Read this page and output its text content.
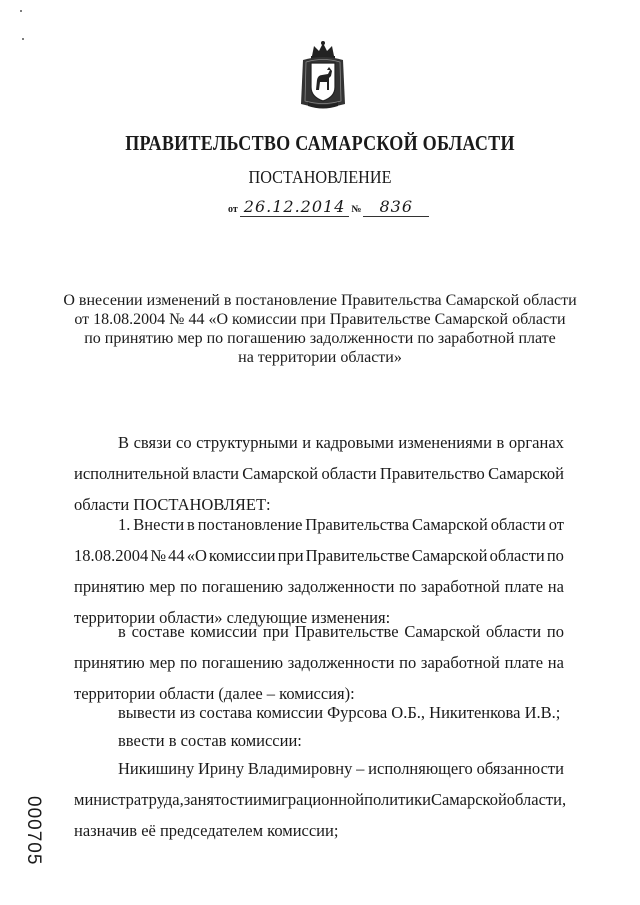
ПРАВИТЕЛЬСТВО САМАРСКОЙ ОБЛАСТИ
ПОСТАНОВЛЕНИЕ
от 26.12.2014 № 836
О внесении изменений в постановление Правительства Самарской области
от 18.08.2004 № 44 «О комиссии при Правительстве Самарской области
по принятию мер по погашению задолженности по заработной плате
на территории области»
В связи со структурными и кадровыми изменениями в органах
исполнительной власти Самарской области Правительство Самарской
области ПОСТАНОВЛЯЕТ:
1. Внести в постановление Правительства Самарской области от
18.08.2004 № 44 «О комиссии при Правительстве Самарской области по
принятию мер по погашению задолженности по заработной плате на
территории области» следующие изменения:
в составе комиссии при Правительстве Самарской области по
принятию мер по погашению задолженности по заработной плате на
территории области (далее – комиссия):
вывести из состава комиссии Фурсова О.Б., Никитенкова И.В.;
ввести в состав комиссии:
Никишину Ирину Владимировну – исполняющего обязанности
министра труда, занятости и миграционной политики Самарской области,
назначив её председателем комиссии;
000705
